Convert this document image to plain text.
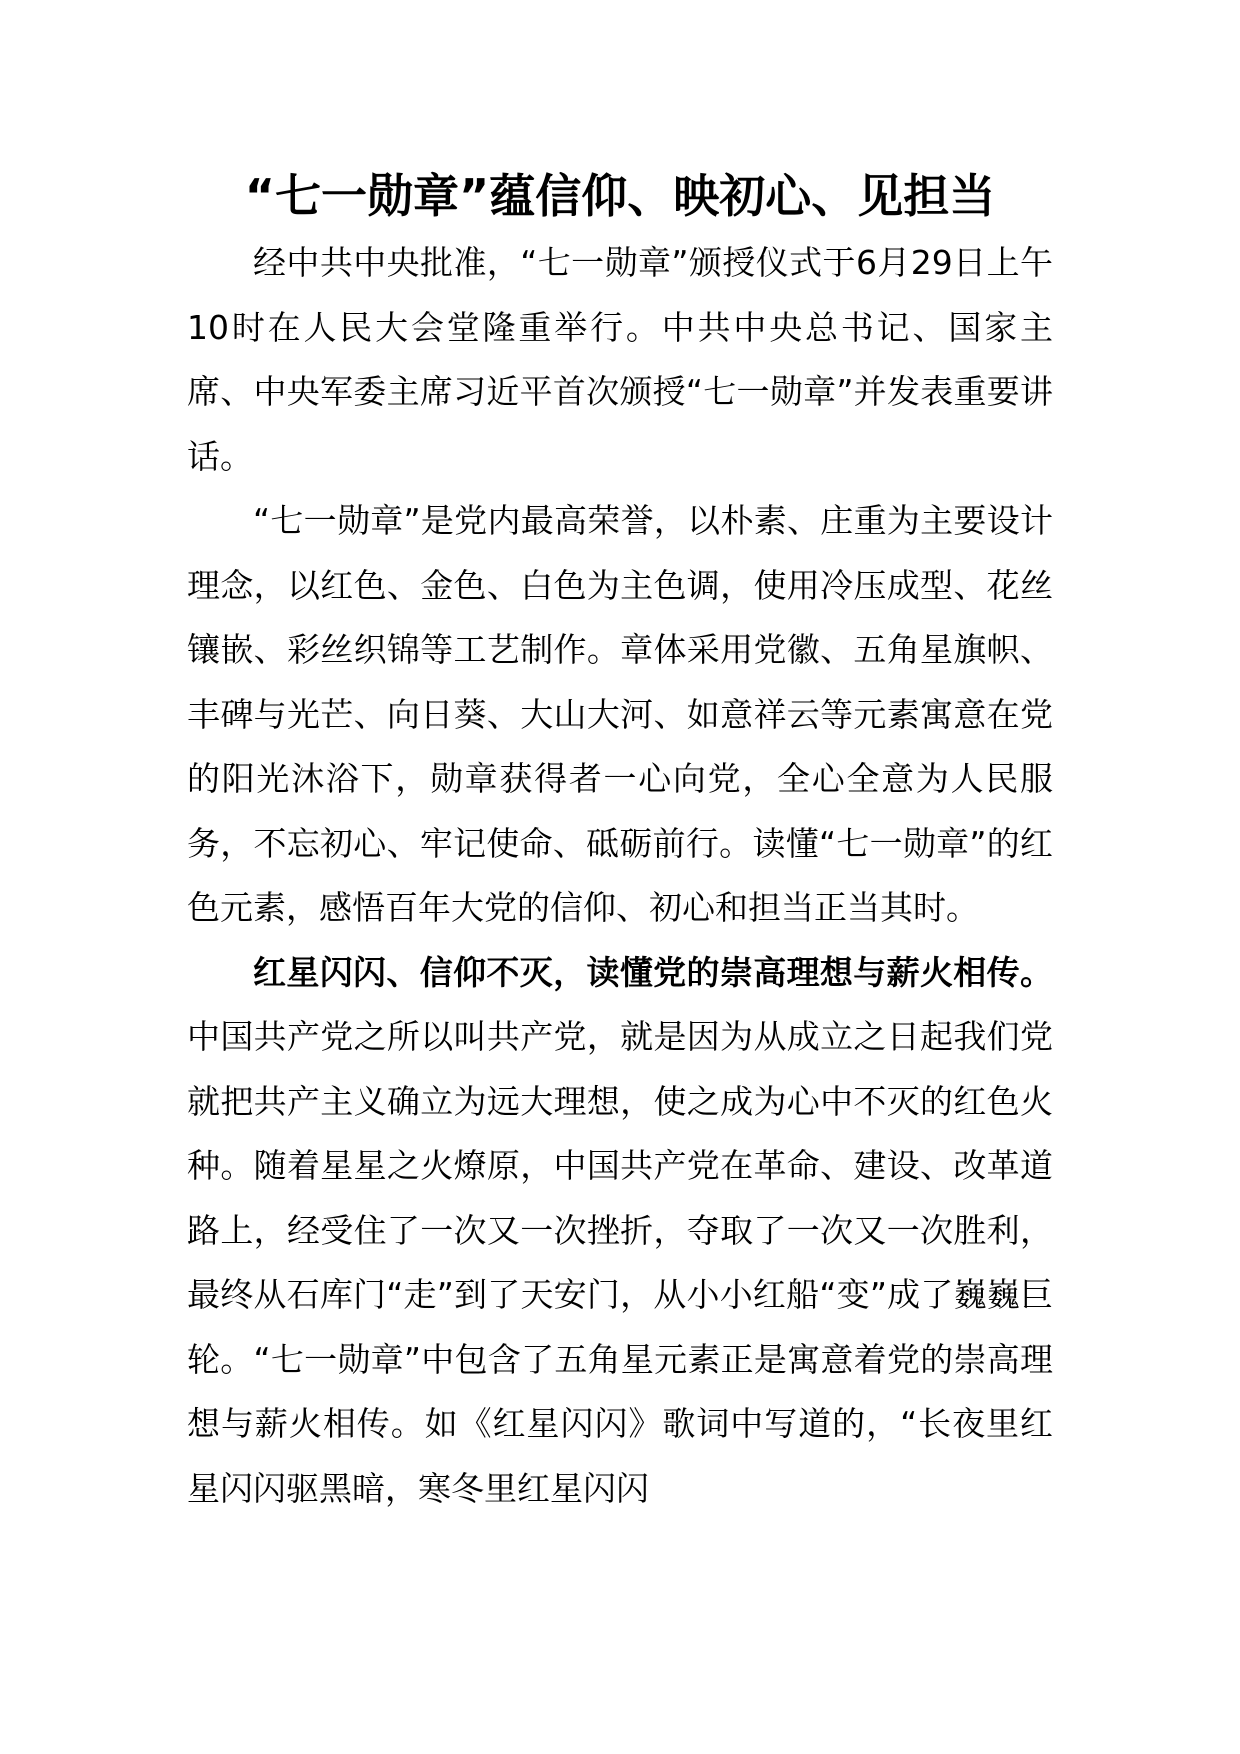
“七一勋章”蕴信仰、映初心、见担当

经中共中央批准，“七一勋章”颁授仪式于6月29日上午10时在人民大会堂隆重举行。中共中央总书记、国家主席、中央军委主席习近平首次颁授“七一勋章”并发表重要讲话。

“七一勋章”是党内最高荣誉，以朴素、庄重为主要设计理念，以红色、金色、白色为主色调，使用冷压成型、花丝镶嵌、彩丝织锦等工艺制作。章体采用党徽、五角星旗帜、丰碑与光芒、向日葵、大山大河、如意祥云等元素寓意在党的阳光沐浴下，勋章获得者一心向党，全心全意为人民服务，不忘初心、牢记使命、砥砺前行。读懂“七一勋章”的红色元素，感悟百年大党的信仰、初心和担当正当其时。

红星闪闪、信仰不灭，读懂党的崇高理想与薪火相传。中国共产党之所以叫共产党，就是因为从成立之日起我们党就把共产主义确立为远大理想，使之成为心中不灭的红色火种。随着星星之火燎原，中国共产党在革命、建设、改革道路上，经受住了一次又一次挫折，夺取了一次又一次胜利，最终从石库门“走”到了天安门，从小小红船“变”成了巍巍巨轮。“七一勋章”中包含了五角星元素正是寓意着党的崇高理想与薪火相传。如《红星闪闪》歌词中写道的，“长夜里红星闪闪驱黑暗，寒冬里红星闪闪
